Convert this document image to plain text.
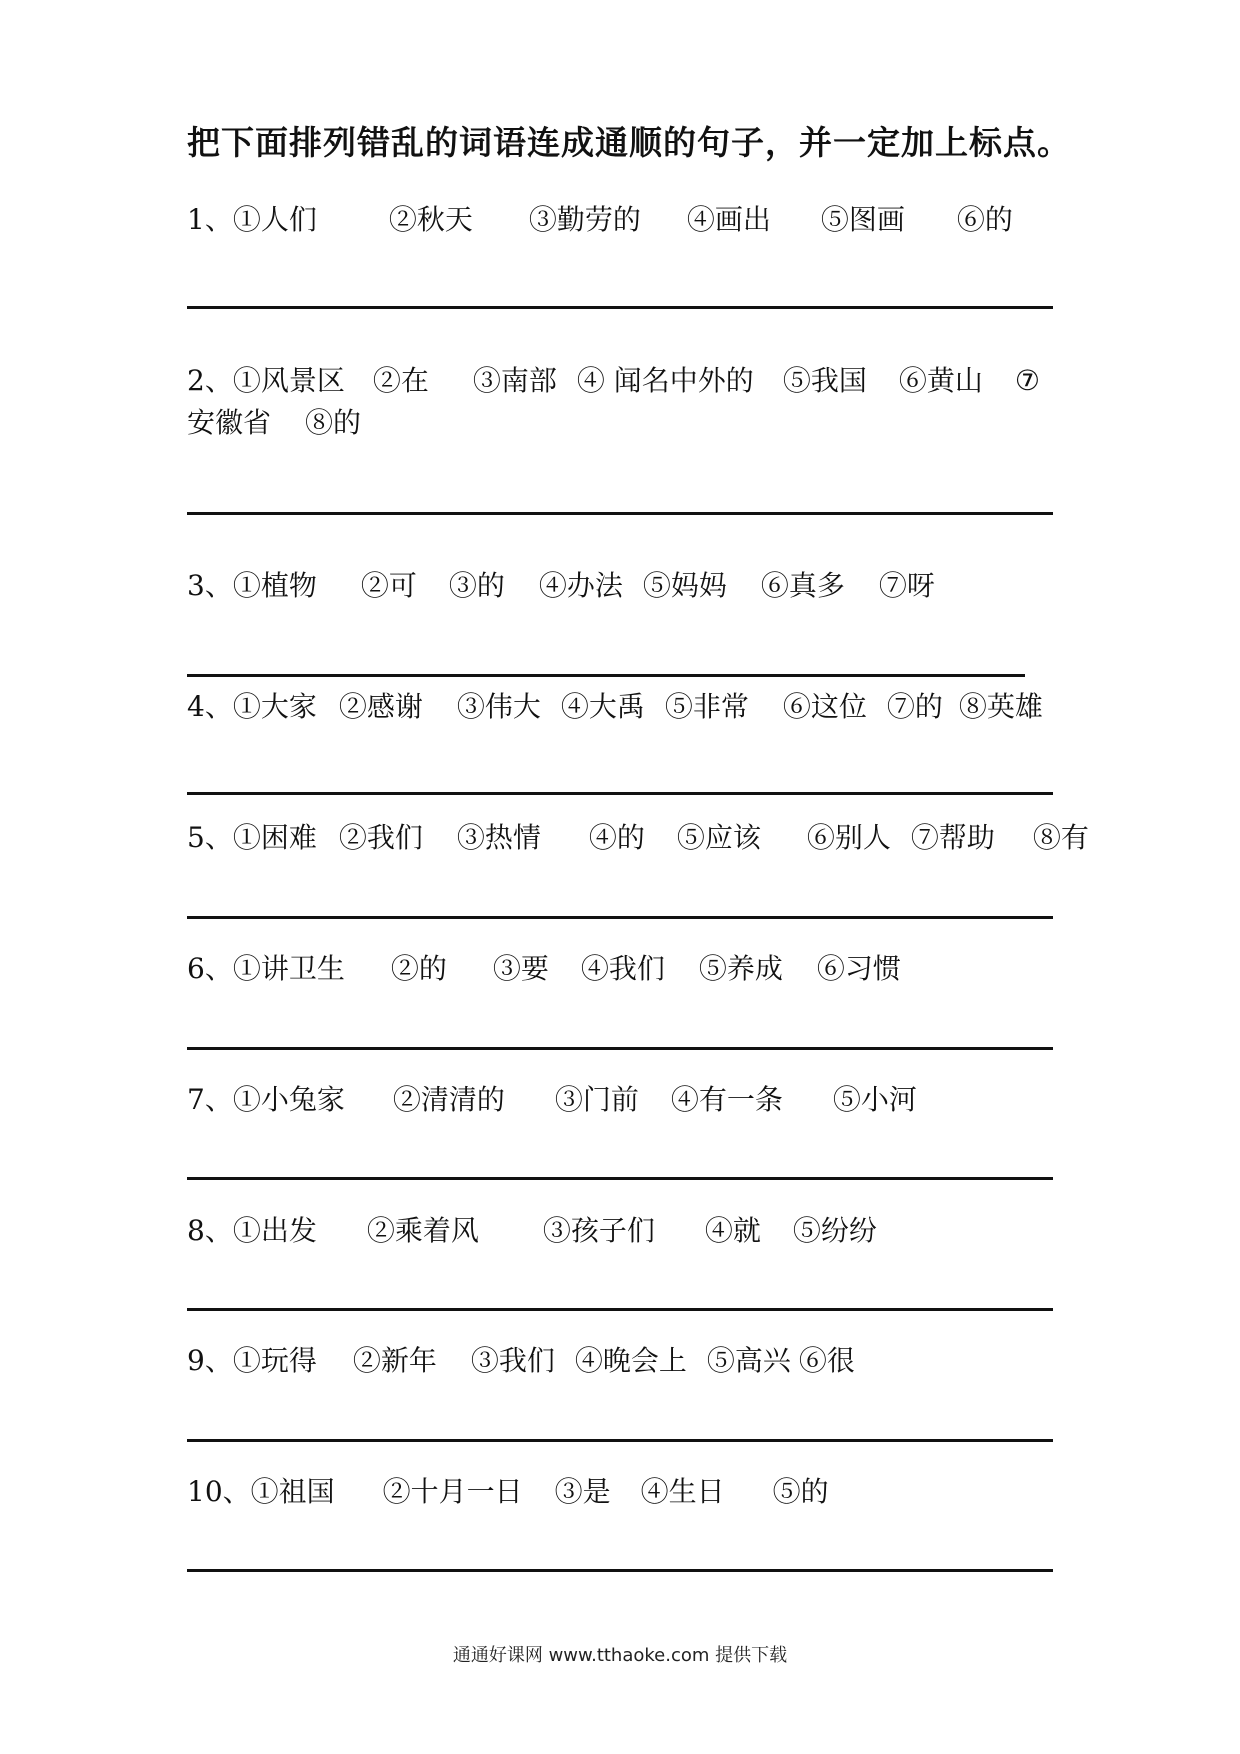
把下面排列错乱的词语连成通顺的句子，并一定加上标点。
1、①人们	②秋天 ③勤劳的 ④画出 ⑤图画 ⑥的
2、①风景区 ②在 ③南部 ④ 闻名中外的 ⑤我国 ⑥黄山 ⑦
安徽省 ⑧的
3、①植物 ②可 ③的 ④办法 ⑤妈妈 ⑥真多 ⑦呀
4、①大家 ②感谢 ③伟大 ④大禹 ⑤非常 ⑥这位 ⑦的 ⑧英雄
5、①困难 ②我们 ③热情 ④的 ⑤应该 ⑥别人 ⑦帮助 ⑧有
6、①讲卫生 ②的 ③要 ④我们 ⑤养成 ⑥习惯
7、①小兔家 ②清清的 ③门前 ④有一条 ⑤小河
8、①出发 ②乘着风 ③孩子们 ④就 ⑤纷纷
9、①玩得 ②新年 ③我们 ④晚会上 ⑤高兴 ⑥很
10、①祖国 ②十月一日 ③是 ④生日 ⑤的
通通好课网 www.tthaoke.com 提供下载
